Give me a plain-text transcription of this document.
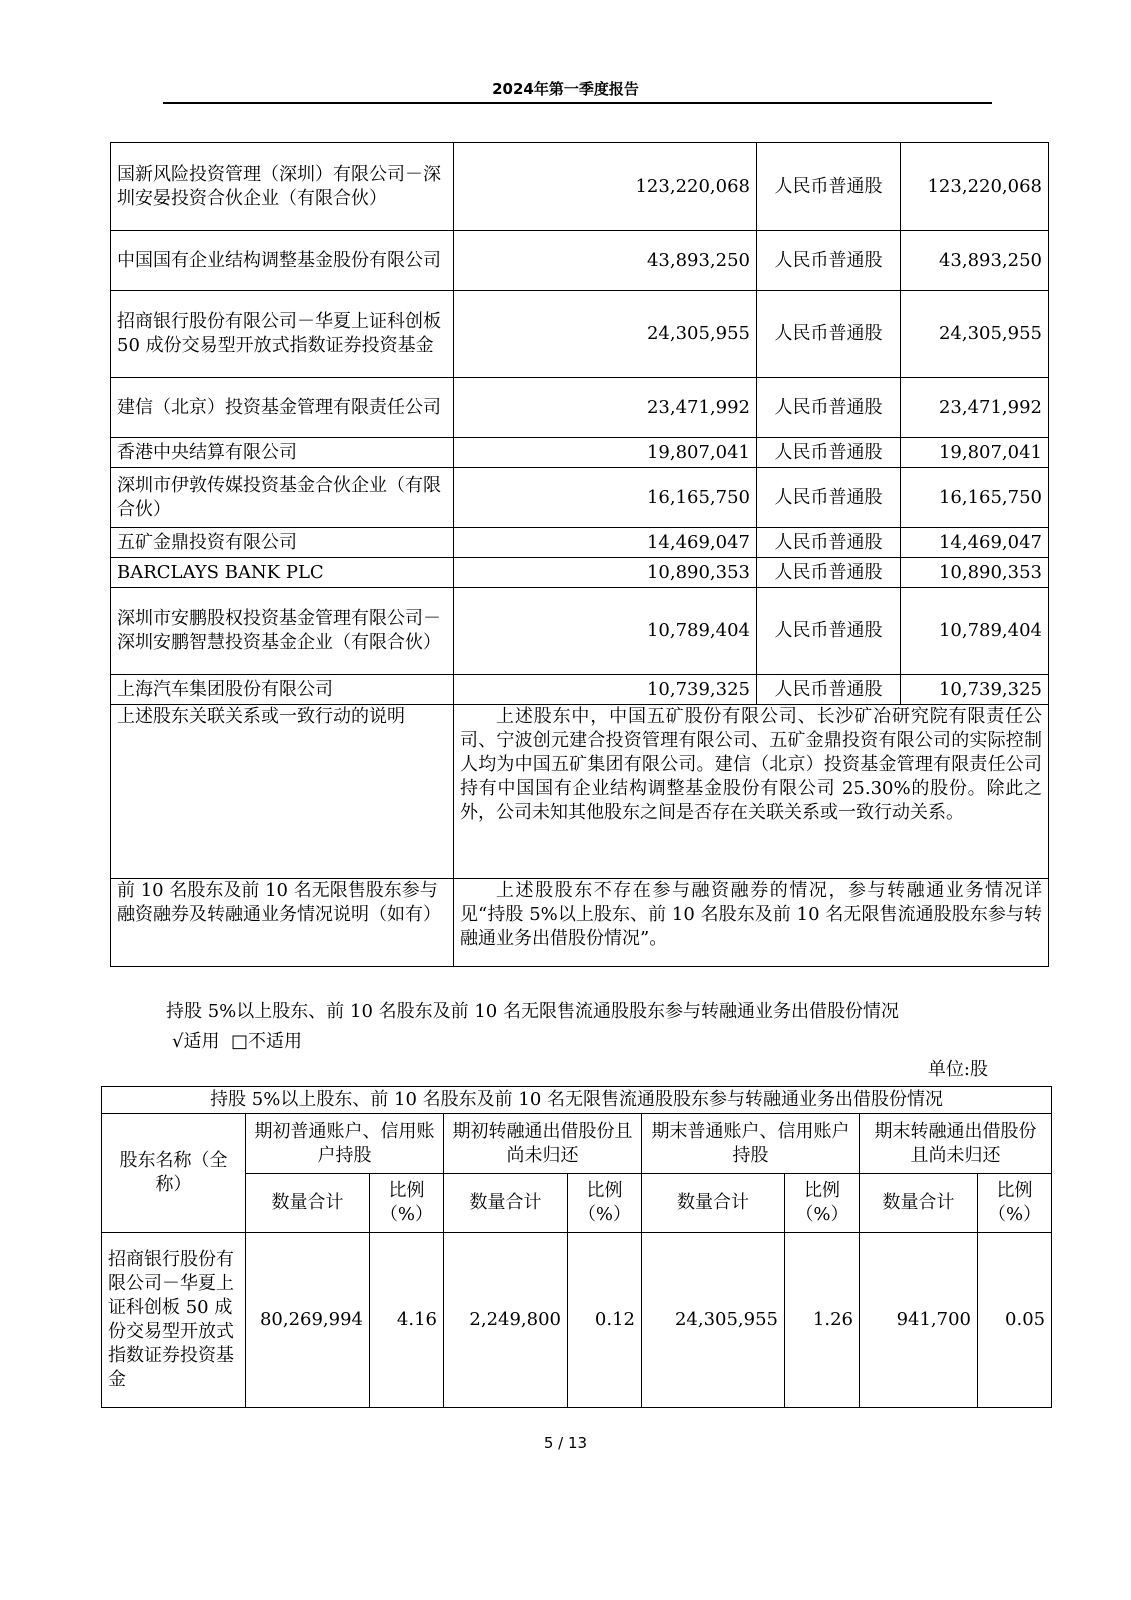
2024年第一季度报告
国新风险投资管理（深圳）有限公司－深圳安晏投资合伙企业（有限合伙）	123,220,068	人民币普通股	123,220,068
中国国有企业结构调整基金股份有限公司	43,893,250	人民币普通股	43,893,250
招商银行股份有限公司－华夏上证科创板 50 成份交易型开放式指数证券投资基金	24,305,955	人民币普通股	24,305,955
建信（北京）投资基金管理有限责任公司	23,471,992	人民币普通股	23,471,992
香港中央结算有限公司	19,807,041	人民币普通股	19,807,041
深圳市伊敦传媒投资基金合伙企业（有限合伙）	16,165,750	人民币普通股	16,165,750
五矿金鼎投资有限公司	14,469,047	人民币普通股	14,469,047
BARCLAYS BANK PLC	10,890,353	人民币普通股	10,890,353
深圳市安鹏股权投资基金管理有限公司－深圳安鹏智慧投资基金企业（有限合伙）	10,789,404	人民币普通股	10,789,404
上海汽车集团股份有限公司	10,739,325	人民币普通股	10,739,325
上述股东关联关系或一致行动的说明	上述股东中，中国五矿股份有限公司、长沙矿冶研究院有限责任公司、宁波创元建合投资管理有限公司、五矿金鼎投资有限公司的实际控制人均为中国五矿集团有限公司。建信（北京）投资基金管理有限责任公司持有中国国有企业结构调整基金股份有限公司 25.30%的股份。除此之外，公司未知其他股东之间是否存在关联关系或一致行动关系。		
前 10 名股东及前 10 名无限售股东参与融资融券及转融通业务情况说明（如有）	上述股股东不存在参与融资融券的情况，参与转融通业务情况详见“持股 5%以上股东、前 10 名股东及前 10 名无限售流通股股东参与转融通业务出借股份情况”。		
持股 5%以上股东、前 10 名股东及前 10 名无限售流通股股东参与转融通业务出借股份情况
√适用 □不适用
单位:股
持股 5%以上股东、前 10 名股东及前 10 名无限售流通股股东参与转融通业务出借股份情况								
股东名称（全称）	期初普通账户、信用账户持股		期初转融通出借股份且尚未归还		期末普通账户、信用账户持股		期末转融通出借股份且尚未归还	
	数量合计	比例（%）	数量合计	比例（%）	数量合计	比例（%）	数量合计	比例（%）
招商银行股份有限公司－华夏上证科创板 50 成份交易型开放式指数证券投资基金	80,269,994	4.16	2,249,800	0.12	24,305,955	1.26	941,700	0.05
5 / 13
